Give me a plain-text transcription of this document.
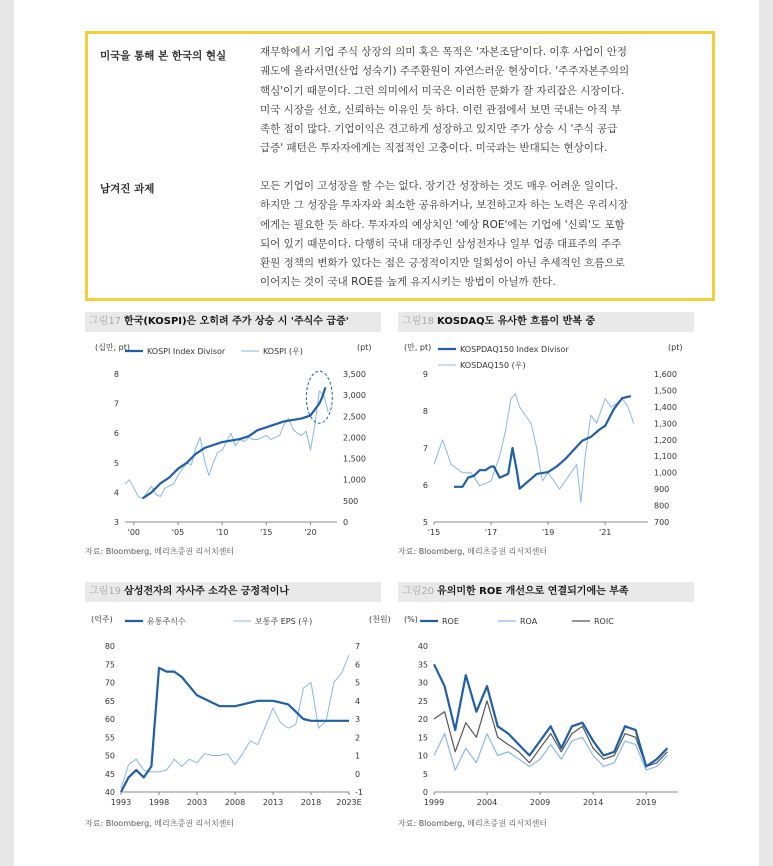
미국을 통해 본 한국의 현실	재무학에서 기업 주식 상장의 의미 혹은 목적은 '자본조달'이다. 이후 사업이 안정
궤도에 올라서면(산업 성숙기) 주주환원이 자연스러운 현상이다. '주주자본주의의
핵심'이기 때문이다. 그런 의미에서 미국은 이러한 문화가 잘 자리잡은 시장이다.
미국 시장을 선호, 신뢰하는 이유인 듯 하다. 이런 관점에서 보면 국내는 아직 부
족한 점이 많다. 기업이익은 견고하게 성장하고 있지만 주가 상승 시 '주식 공급
급증' 패턴은 투자자에게는 직접적인 고충이다. 미국과는 반대되는 현상이다.
남겨진 과제	모든 기업이 고성장을 할 수는 없다. 장기간 성장하는 것도 매우 어려운 일이다.
하지만 그 성장을 투자자와 최소한 공유하거나, 보전하고자 하는 노력은 우리시장
에게는 필요한 듯 하다. 투자자의 예상치인 '예상 ROE'에는 기업에 '신뢰'도 포함
되어 있기 때문이다. 다행히 국내 대장주인 삼성전자나 일부 업종 대표주의 주주
환원 정책의 변화가 있다는 점은 긍정적이지만 일회성이 아닌 추세적인 흐름으로
이어지는 것이 국내 ROE를 높게 유지시키는 방법이 아닐까 한다.
그림17 한국(KOSPI)은 오히려 주가 상승 시 '주식수 급증'
(십만, pt)	(pt)
3
4
5
6
7
8
0
500
1,000
1,500
2,000
2,500
3,000
3,500
'00	'05	'10	'15	'20
KOSPI Index Divisor	KOSPI (우)
자료: Bloomberg, 메리츠증권 리서치센터
그림18 KOSDAQ도 유사한 흐름이 반복 중
(만, pt)	(pt)
5
6
7
8
9
700
800
900
1,000
1,100
1,200
1,300
1,400
1,500
1,600
'15	'17	'19	'21
KOSPDAQ150 Index Divisor
KOSDAQ150 (우)
자료: Bloomberg, 메리츠증권 리서치센터
그림19 삼성전자의 자사주 소각은 긍정적이나
(억주)	(천원)
40
45
50
55
60
65
70
75
80
-1
0
1
2
3
4
5
6
7
1993 1998 2003 2008 2013 2018 2023E
유통주식수	보통주 EPS (우)
자료: Bloomberg, 메리츠증권 리서치센터
그림20 유의미한 ROE 개선으로 연결되기에는 부족
(%)
0
5
10
15
20
25
30
35
40
1999	2004	2009	2014	2019
ROE	ROA	ROIC
자료: Bloomberg, 메리츠증권 리서치센터
